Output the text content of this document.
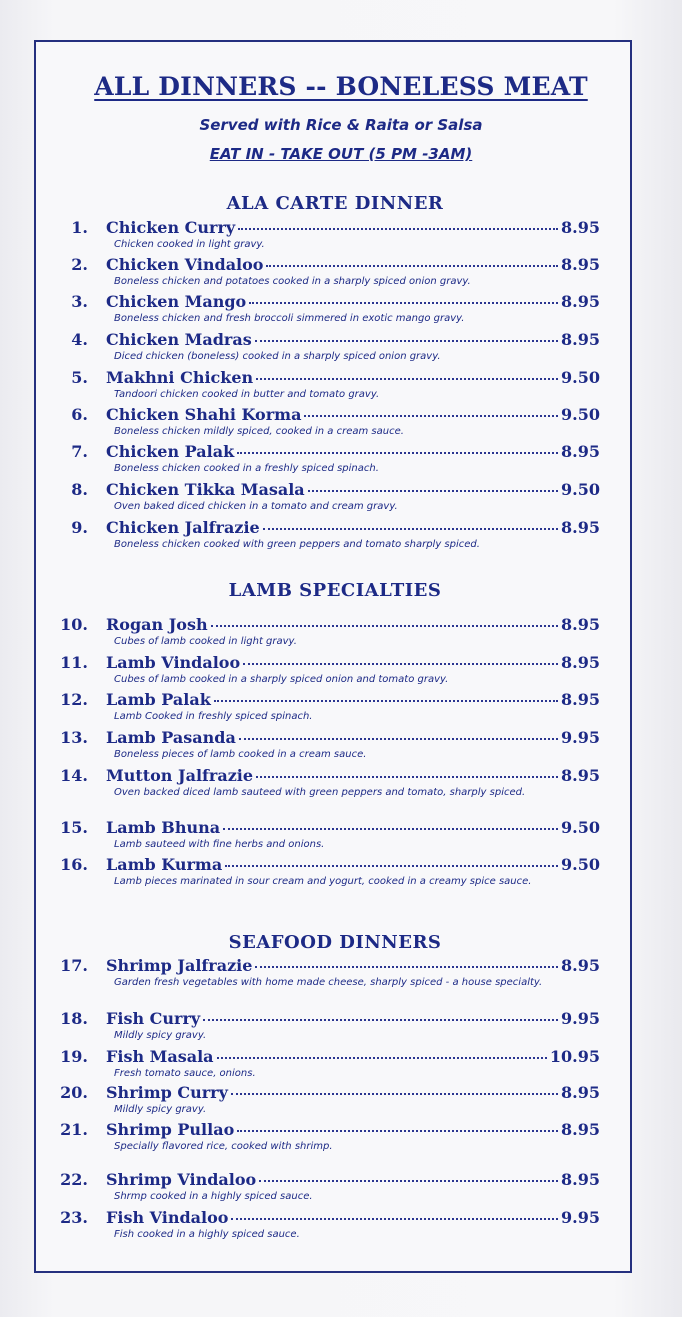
ALL DINNERS -- BONELESS MEAT
Served with Rice & Raita or Salsa
EAT IN - TAKE OUT (5 PM -3AM)
ALA CARTE DINNER
LAMB SPECIALTIES
SEAFOOD DINNERS
1.	Chicken Curry	8.95
Chicken cooked in light gravy.
2.	Chicken Vindaloo	8.95
Boneless chicken and potatoes cooked in a sharply spiced onion gravy.
3.	Chicken Mango	8.95
Boneless chicken and fresh broccoli simmered in exotic mango gravy.
4.	Chicken Madras	8.95
Diced chicken (boneless) cooked in a sharply spiced onion gravy.
5.	Makhni Chicken	9.50
Tandoori chicken cooked in butter and tomato gravy.
6.	Chicken Shahi Korma	9.50
Boneless chicken mildly spiced, cooked in a cream sauce.
7.	Chicken Palak	8.95
Boneless chicken cooked in a freshly spiced spinach.
8.	Chicken Tikka Masala	9.50
Oven baked diced chicken in a tomato and cream gravy.
9.	Chicken Jalfrazie	8.95
Boneless chicken cooked with green peppers and tomato sharply spiced.
10.	Rogan Josh	8.95
Cubes of lamb cooked in light gravy.
11.	Lamb Vindaloo	8.95
Cubes of lamb cooked in a sharply spiced onion and tomato gravy.
12.	Lamb Palak	8.95
Lamb Cooked in freshly spiced spinach.
13.	Lamb Pasanda	9.95
Boneless pieces of lamb cooked in a cream sauce.
14.	Mutton Jalfrazie	8.95
Oven backed diced lamb sauteed with green peppers and tomato, sharply spiced.
15.	Lamb Bhuna	9.50
Lamb sauteed with fine herbs and onions.
16.	Lamb Kurma	9.50
Lamb pieces marinated in sour cream and yogurt, cooked in a creamy spice sauce.
17.	Shrimp Jalfrazie	8.95
Garden fresh vegetables with home made cheese, sharply spiced - a house specialty.
18.	Fish Curry	9.95
Mildly spicy gravy.
19.	Fish Masala	10.95
Fresh tomato sauce, onions.
20.	Shrimp Curry	8.95
Mildly spicy gravy.
21.	Shrimp Pullao	8.95
Specially flavored rice, cooked with shrimp.
22.	Shrimp Vindaloo	8.95
Shrmp cooked in a highly spiced sauce.
23.	Fish Vindaloo	9.95
Fish cooked in a highly spiced sauce.
